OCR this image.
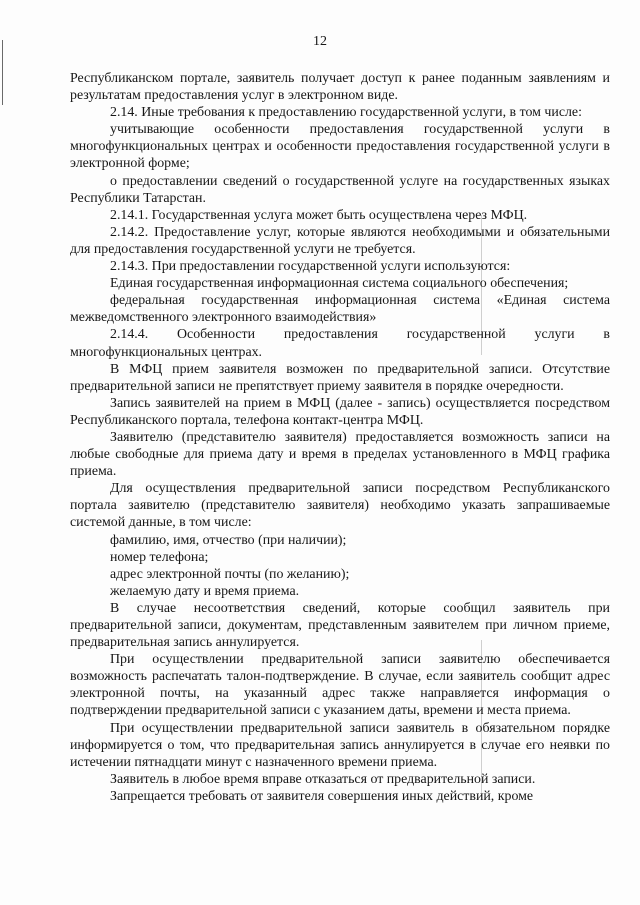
12

Республиканском портале, заявитель получает доступ к ранее поданным заявлениям и результатам предоставления услуг в электронном виде.

2.14. Иные требования к предоставлению государственной услуги, в том числе:

учитывающие особенности предоставления государственной услуги в многофункциональных центрах и особенности предоставления государственной услуги в электронной форме;

о предоставлении сведений о государственной услуге на государственных языках Республики Татарстан.

2.14.1. Государственная услуга может быть осуществлена через МФЦ.

2.14.2. Предоставление услуг, которые являются необходимыми и обязательными для предоставления государственной услуги не требуется.

2.14.3. При предоставлении государственной услуги используются:

Единая государственная информационная система социального обеспечения;

федеральная государственная информационная система «Единая система межведомственного электронного взаимодействия»

2.14.4. Особенности предоставления государственной услуги в многофункциональных центрах.

В МФЦ прием заявителя возможен по предварительной записи. Отсутствие предварительной записи не препятствует приему заявителя в порядке очередности.

Запись заявителей на прием в МФЦ (далее - запись) осуществляется посредством Республиканского портала, телефона контакт-центра МФЦ.

Заявителю (представителю заявителя) предоставляется возможность записи на любые свободные для приема дату и время в пределах установленного в МФЦ графика приема.

Для осуществления предварительной записи посредством Республиканского портала заявителю (представителю заявителя) необходимо указать запрашиваемые системой данные, в том числе:

фамилию, имя, отчество (при наличии);

номер телефона;

адрес электронной почты (по желанию);

желаемую дату и время приема.

В случае несоответствия сведений, которые сообщил заявитель при предварительной записи, документам, представленным заявителем при личном приеме, предварительная запись аннулируется.

При осуществлении предварительной записи заявителю обеспечивается возможность распечатать талон-подтверждение. В случае, если заявитель сообщит адрес электронной почты, на указанный адрес также направляется информация о подтверждении предварительной записи с указанием даты, времени и места приема.

При осуществлении предварительной записи заявитель в обязательном порядке информируется о том, что предварительная запись аннулируется в случае его неявки по истечении пятнадцати минут с назначенного времени приема.

Заявитель в любое время вправе отказаться от предварительной записи.

Запрещается требовать от заявителя совершения иных действий, кроме
